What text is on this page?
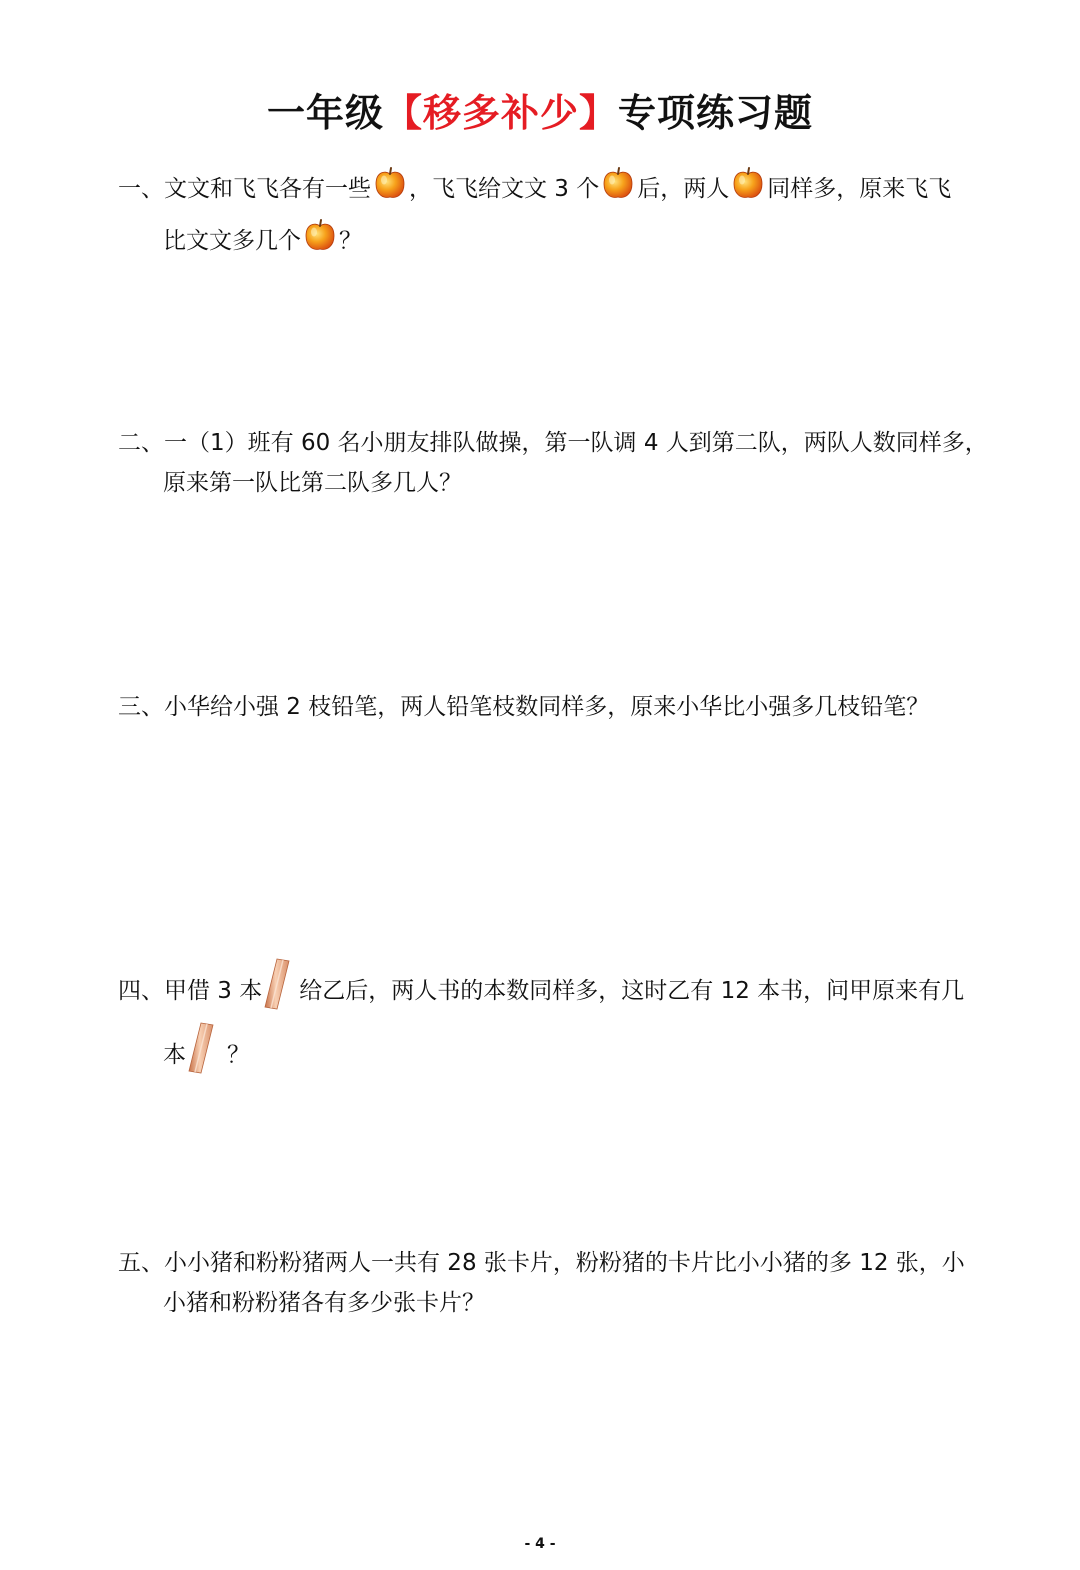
一年级【移多补少】专项练习题
一、 文文和飞飞各有一些 ，飞飞给文文 3 个 后，两人 同样多，原来飞飞
比文文多几个 ？
二、 一（1）班有 60 名小朋友排队做操，第一队调 4 人到第二队，两队人数同样多，
原来第一队比第二队多几人？
三、 小华给小强 2 枝铅笔，两人铅笔枝数同样多，原来小华比小强多几枝铅笔？
四、 甲借 3 本 给乙后，两人书的本数同样多，这时乙有 12 本书，问甲原来有几
本 ？
五、 小小猪和粉粉猪两人一共有 28 张卡片，粉粉猪的卡片比小小猪的多 12 张，小
小猪和粉粉猪各有多少张卡片？
- 4 -
